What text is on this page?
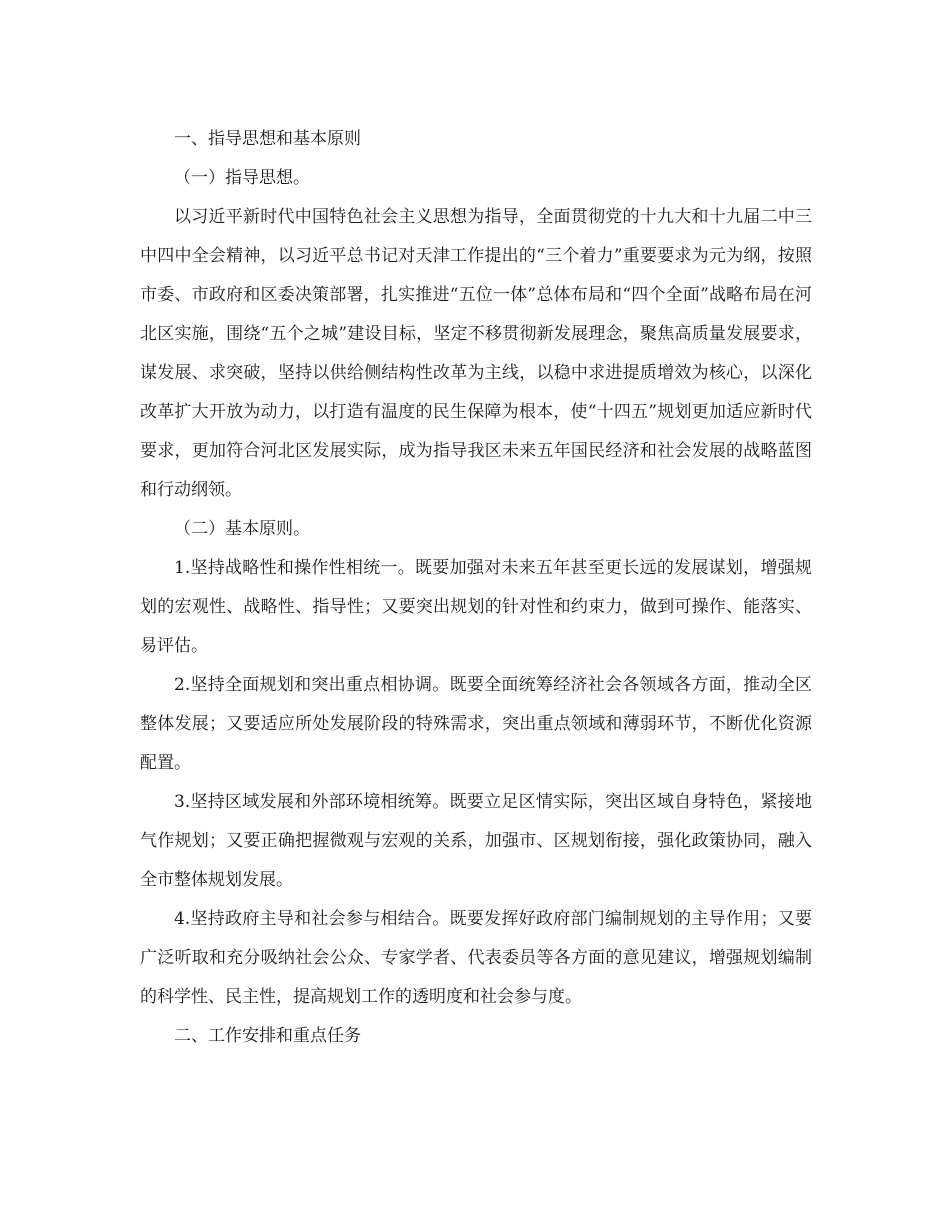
一、指导思想和基本原则

（一）指导思想。

以习近平新时代中国特色社会主义思想为指导，全面贯彻党的十九大和十九届二中三中四中全会精神，以习近平总书记对天津工作提出的“三个着力”重要要求为元为纲，按照市委、市政府和区委决策部署，扎实推进“五位一体”总体布局和“四个全面”战略布局在河北区实施，围绕“五个之城”建设目标，坚定不移贯彻新发展理念，聚焦高质量发展要求，谋发展、求突破，坚持以供给侧结构性改革为主线，以稳中求进提质增效为核心，以深化改革扩大开放为动力，以打造有温度的民生保障为根本，使“十四五”规划更加适应新时代要求，更加符合河北区发展实际，成为指导我区未来五年国民经济和社会发展的战略蓝图和行动纲领。

（二）基本原则。

1.坚持战略性和操作性相统一。既要加强对未来五年甚至更长远的发展谋划，增强规划的宏观性、战略性、指导性；又要突出规划的针对性和约束力，做到可操作、能落实、易评估。

2.坚持全面规划和突出重点相协调。既要全面统筹经济社会各领域各方面，推动全区整体发展；又要适应所处发展阶段的特殊需求，突出重点领域和薄弱环节，不断优化资源配置。

3.坚持区域发展和外部环境相统筹。既要立足区情实际，突出区域自身特色，紧接地气作规划；又要正确把握微观与宏观的关系，加强市、区规划衔接，强化政策协同，融入全市整体规划发展。

4.坚持政府主导和社会参与相结合。既要发挥好政府部门编制规划的主导作用；又要广泛听取和充分吸纳社会公众、专家学者、代表委员等各方面的意见建议，增强规划编制的科学性、民主性，提高规划工作的透明度和社会参与度。

二、工作安排和重点任务
